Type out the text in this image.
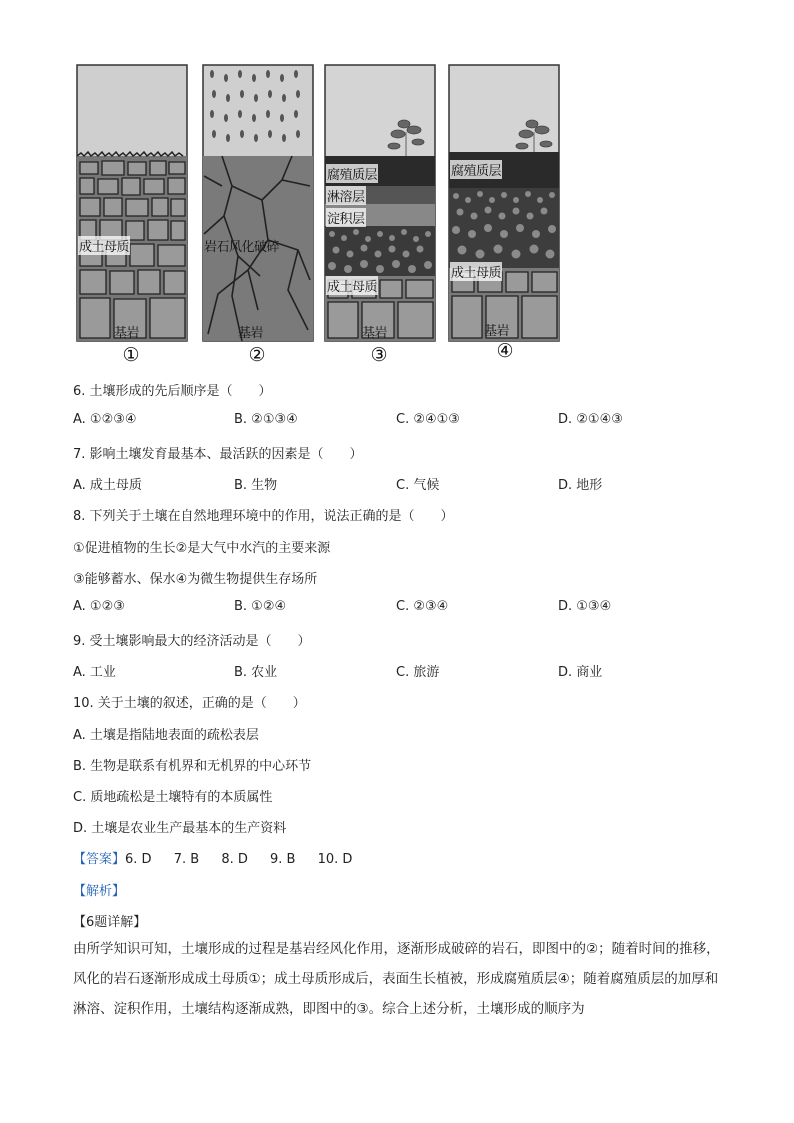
成土母质
基岩
①
岩石风化破碎
基岩
②
腐殖质层
淋溶层
淀积层
成土母质
基岩
③
腐殖质层
成土母质
基岩
④
6. 土壤形成的先后顺序是（　　）
A. ①②③④	B. ②①③④	C. ②④①③	D. ②①④③
7. 影响土壤发育最基本、最活跃的因素是（　　）
A. 成土母质	B. 生物	C. 气候	D. 地形
8. 下列关于土壤在自然地理环境中的作用，说法正确的是（　　）
①促进植物的生长②是大气中水汽的主要来源
③能够蓄水、保水④为微生物提供生存场所
A. ①②③	B. ①②④	C. ②③④	D. ①③④
9. 受土壤影响最大的经济活动是（　　）
A. 工业	B. 农业	C. 旅游	D. 商业
10. 关于土壤的叙述，正确的是（　　）
A. 土壤是指陆地表面的疏松表层
B. 生物是联系有机界和无机界的中心环节
C. 质地疏松是土壤特有的本质属性
D. 土壤是农业生产最基本的生产资料
【答案】6. D 7. B 8. D 9. B 10. D
【解析】
【6题详解】
由所学知识可知，土壤形成的过程是基岩经风化作用，逐渐形成破碎的岩石，即图中的②；随着时间的推移，风化的岩石逐渐形成成土母质①；成土母质形成后，表面生长植被，形成腐殖质层④；随着腐殖质层的加厚和淋溶、淀积作用，土壤结构逐渐成熟，即图中的③。综合上述分析，土壤形成的顺序为
